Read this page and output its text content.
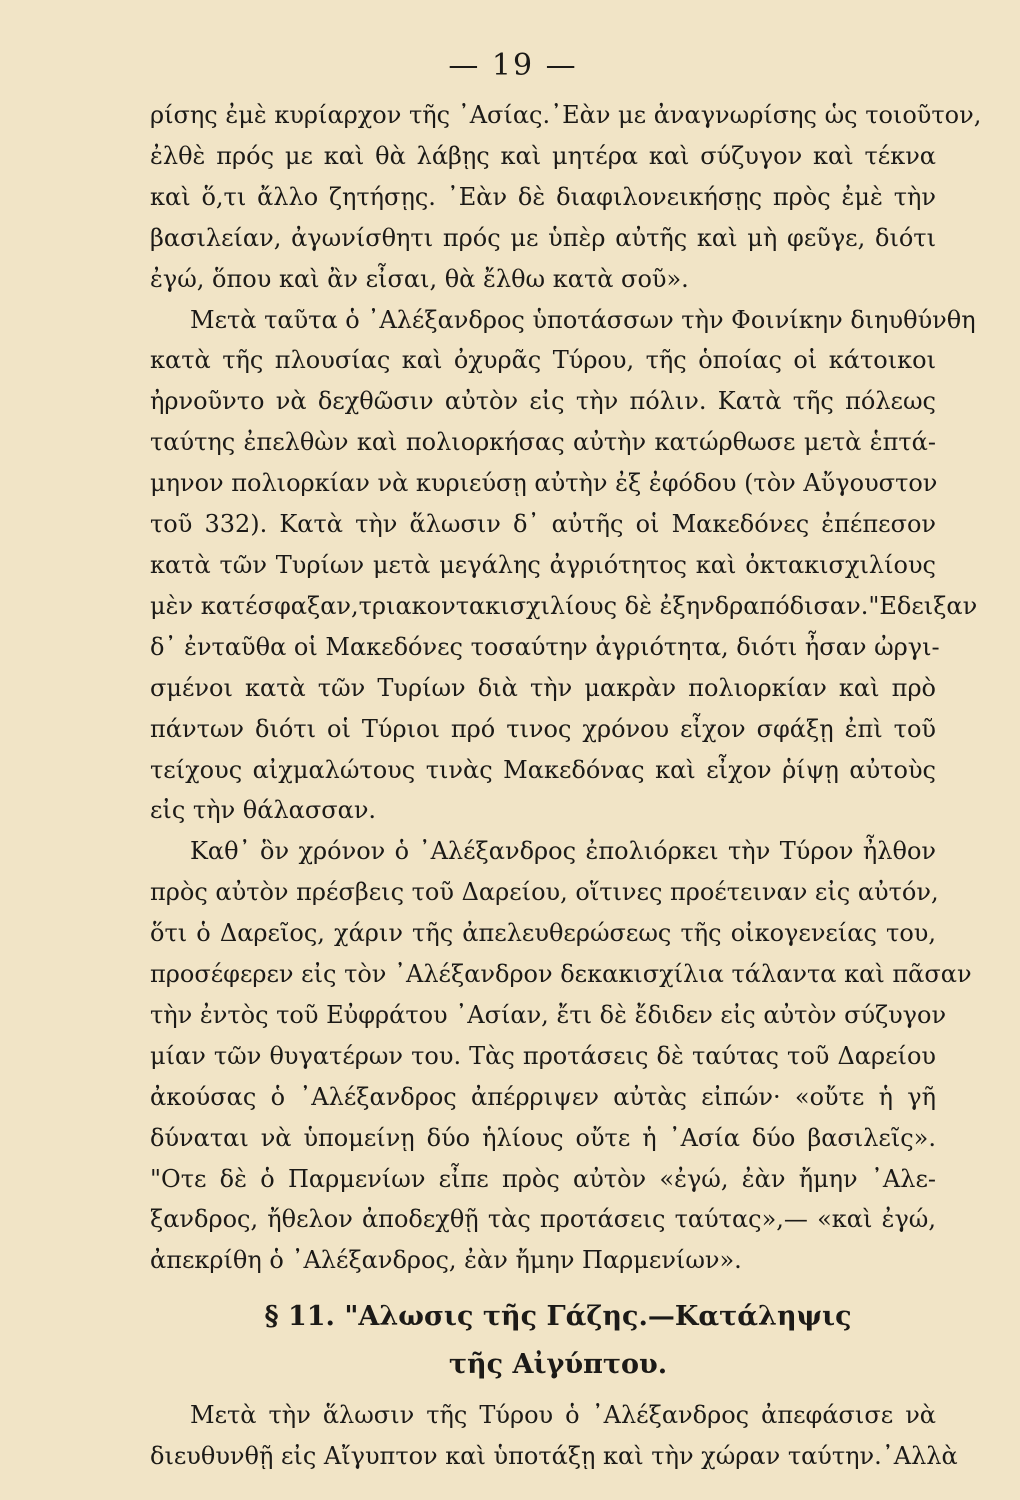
— 19 —
ρίσης ἐμὲ κυρίαρχον τῆς ᾿Ασίας.᾿Εὰν με ἀναγνωρίσης ὡς τοιοῦτον,
ἐλθὲ πρός με καὶ θὰ λάβῃς καὶ μητέρα καὶ σύζυγον καὶ τέκνα
καὶ ὅ,τι ἄλλο ζητήσῃς. ᾿Εὰν δὲ διαφιλονεικήσῃς πρὸς ἐμὲ τὴν
βασιλείαν, ἀγωνίσθητι πρός με ὑπὲρ αὐτῆς καὶ μὴ φεῦγε, διότι
ἐγώ, ὅπου καὶ ἂν εἶσαι, θὰ ἔλθω κατὰ σοῦ».
Μετὰ ταῦτα ὁ ᾿Αλέξανδρος ὑποτάσσων τὴν Φοινίκην διηυθύνθη
κατὰ τῆς πλουσίας καὶ ὀχυρᾶς Τύρου, τῆς ὁποίας οἱ κάτοικοι
ἠρνοῦντο νὰ δεχθῶσιν αὐτὸν εἰς τὴν πόλιν. Κατὰ τῆς πόλεως
ταύτης ἐπελθὼν καὶ πολιορκήσας αὐτὴν κατώρθωσε μετὰ ἑπτά-
μηνον πολιορκίαν νὰ κυριεύσῃ αὐτὴν ἐξ ἐφόδου (τὸν Αὔγουστον
τοῦ 332). Κατὰ τὴν ἅλωσιν δ᾿ αὐτῆς οἱ Μακεδόνες ἐπέπεσον
κατὰ τῶν Τυρίων μετὰ μεγάλης ἀγριότητος καὶ ὀκτακισχιλίους
μὲν κατέσφαξαν,τριακοντακισχιλίους δὲ ἐξηνδραπόδισαν."Εδειξαν
δ᾿ ἐνταῦθα οἱ Μακεδόνες τοσαύτην ἀγριότητα, διότι ἦσαν ὠργι-
σμένοι κατὰ τῶν Τυρίων διὰ τὴν μακρὰν πολιορκίαν καὶ πρὸ
πάντων διότι οἱ Τύριοι πρό τινος χρόνου εἶχον σφάξῃ ἐπὶ τοῦ
τείχους αἰχμαλώτους τινὰς Μακεδόνας καὶ εἶχον ῥίψῃ αὐτοὺς
εἰς τὴν θάλασσαν.
Καθ᾿ ὃν χρόνον ὁ ᾿Αλέξανδρος ἐπολιόρκει τὴν Τύρον ἦλθον
πρὸς αὐτὸν πρέσβεις τοῦ Δαρείου, οἵτινες προέτειναν εἰς αὐτόν,
ὅτι ὁ Δαρεῖος, χάριν τῆς ἀπελευθερώσεως τῆς οἰκογενείας του,
προσέφερεν εἰς τὸν ᾿Αλέξανδρον δεκακισχίλια τάλαντα καὶ πᾶσαν
τὴν ἐντὸς τοῦ Εὐφράτου ᾿Ασίαν, ἔτι δὲ ἔδιδεν εἰς αὐτὸν σύζυγον
μίαν τῶν θυγατέρων του. Τὰς προτάσεις δὲ ταύτας τοῦ Δαρείου
ἀκούσας ὁ ᾿Αλέξανδρος ἀπέρριψεν αὐτὰς εἰπών· «οὔτε ἡ γῆ
δύναται νὰ ὑπομείνῃ δύο ἡλίους οὔτε ἡ ᾿Ασία δύο βασιλεῖς».
"Οτε δὲ ὁ Παρμενίων εἶπε πρὸς αὐτὸν «ἐγώ, ἐὰν ἤμην ᾿Αλε-
ξανδρος, ἤθελον ἀποδεχθῇ τὰς προτάσεις ταύτας»,— «καὶ ἐγώ,
ἀπεκρίθη ὁ ᾿Αλέξανδρος, ἐὰν ἤμην Παρμενίων».
§ 11. "Αλωσις τῆς Γάζης.—Κατάληψις
τῆς Αἰγύπτου.
Μετὰ τὴν ἅλωσιν τῆς Τύρου ὁ ᾿Αλέξανδρος ἀπεφάσισε νὰ
διευθυνθῇ εἰς Αἴγυπτον καὶ ὑποτάξῃ καὶ τὴν χώραν ταύτην.᾿Αλλὰ
